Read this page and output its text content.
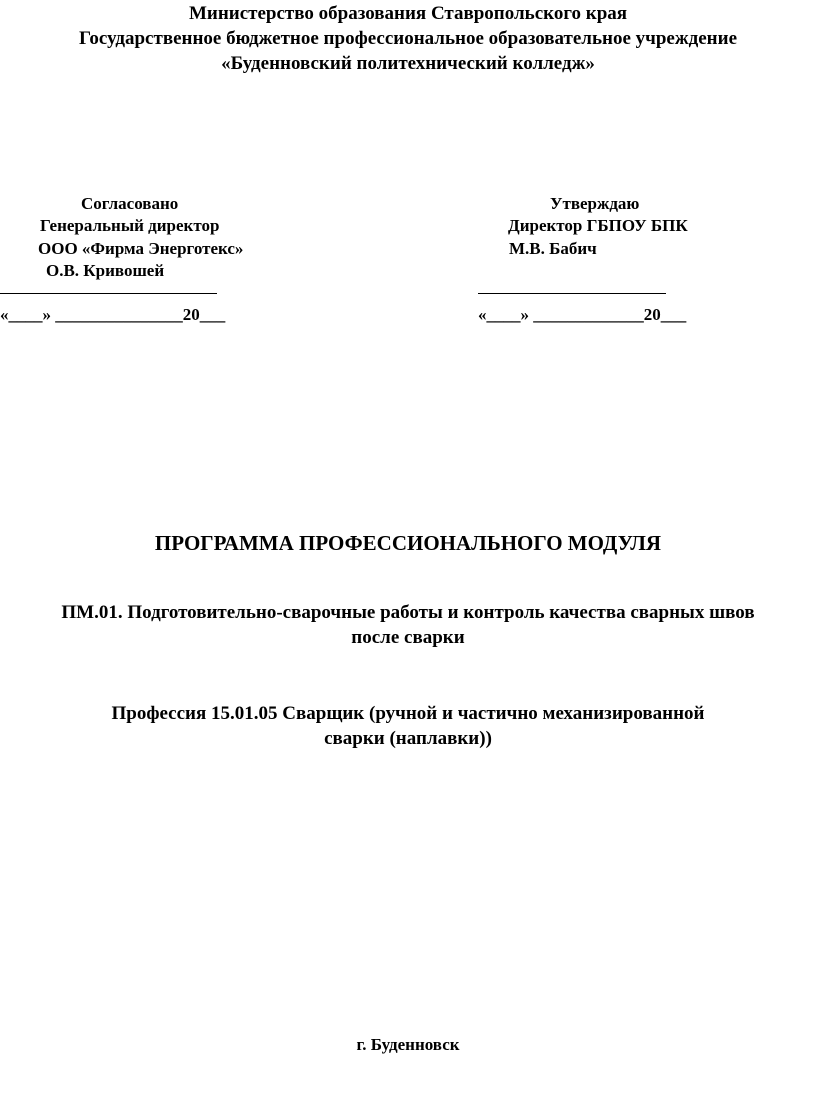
Министерство образования Ставропольского края
Государственное бюджетное профессиональное образовательное учреждение
«Буденновский политехнический колледж»
Согласовано
Генеральный директор
ООО «Фирма Энерготекс»
О.В. Кривошей
«____» _______________20___
Утверждаю
Директор ГБПОУ БПК
М.В. Бабич
«____» _____________20___
ПРОГРАММА ПРОФЕССИОНАЛЬНОГО МОДУЛЯ
ПМ.01. Подготовительно-сварочные работы и контроль качества сварных швов
после сварки
Профессия 15.01.05 Сварщик (ручной и частично механизированной
сварки (наплавки))
г. Буденновск
